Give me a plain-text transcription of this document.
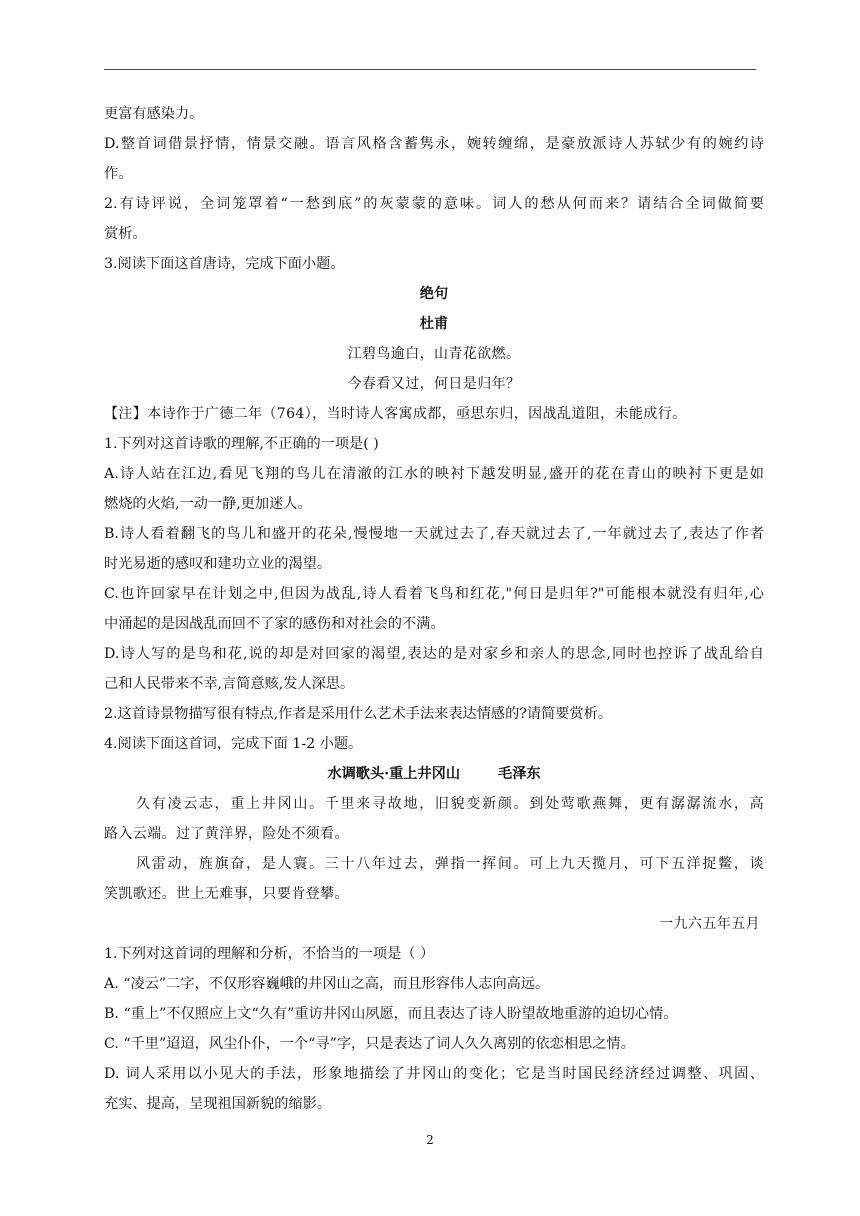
更富有感染力。
D.整首词借景抒情，情景交融。语言风格含蓄隽永，婉转缠绵，是豪放派诗人苏轼少有的婉约诗
作。
2.有诗评说，全词笼罩着“一愁到底”的灰蒙蒙的意味。词人的愁从何而来？请结合全词做简要
赏析。
3.阅读下面这首唐诗，完成下面小题。
绝句
杜甫
江碧鸟逾白，山青花欲燃。
今春看又过，何日是归年？
【注】本诗作于广德二年（764），当时诗人客寓成都，亟思东归，因战乱道阻，未能成行。
1.下列对这首诗歌的理解,不正确的一项是( )
A.诗人站在江边,看见飞翔的鸟儿在清澈的江水的映衬下越发明显,盛开的花在青山的映衬下更是如
燃烧的火焰,一动一静,更加迷人。
B.诗人看着翻飞的鸟儿和盛开的花朵,慢慢地一天就过去了,春天就过去了,一年就过去了,表达了作者
时光易逝的感叹和建功立业的渴望。
C.也许回家早在计划之中,但因为战乱,诗人看着飞鸟和红花,"何日是归年?"可能根本就没有归年,心
中涌起的是因战乱而回不了家的感伤和对社会的不满。
D.诗人写的是鸟和花,说的却是对回家的渴望,表达的是对家乡和亲人的思念,同时也控诉了战乱给自
己和人民带来不幸,言简意赅,发人深思。
2.这首诗景物描写很有特点,作者是采用什么艺术手法来表达情感的?请简要赏析。
4.阅读下面这首词，完成下面 1-2 小题。
水调歌头·重上井冈山	毛泽东
久有凌云志，重上井冈山。千里来寻故地，旧貌变新颜。到处莺歌燕舞，更有潺潺流水，高
路入云端。过了黄洋界，险处不须看。
风雷动，旌旗奋，是人寰。三十八年过去，弹指一挥间。可上九天揽月，可下五洋捉鳖，谈
笑凯歌还。世上无难事，只要肯登攀。
一九六五年五月
1.下列对这首词的理解和分析，不恰当的一项是（ ）
A. “凌云”二字，不仅形容巍峨的井冈山之高，而且形容伟人志向高远。
B. “重上”不仅照应上文“久有”重访井冈山夙愿，而且表达了诗人盼望故地重游的迫切心情。
C. “千里”迢迢，风尘仆仆，一个“寻”字，只是表达了词人久久离别的依恋相思之情。
D. 词人采用以小见大的手法，形象地描绘了井冈山的变化；它是当时国民经济经过调整、巩固、
充实、提高，呈现祖国新貌的缩影。
2
